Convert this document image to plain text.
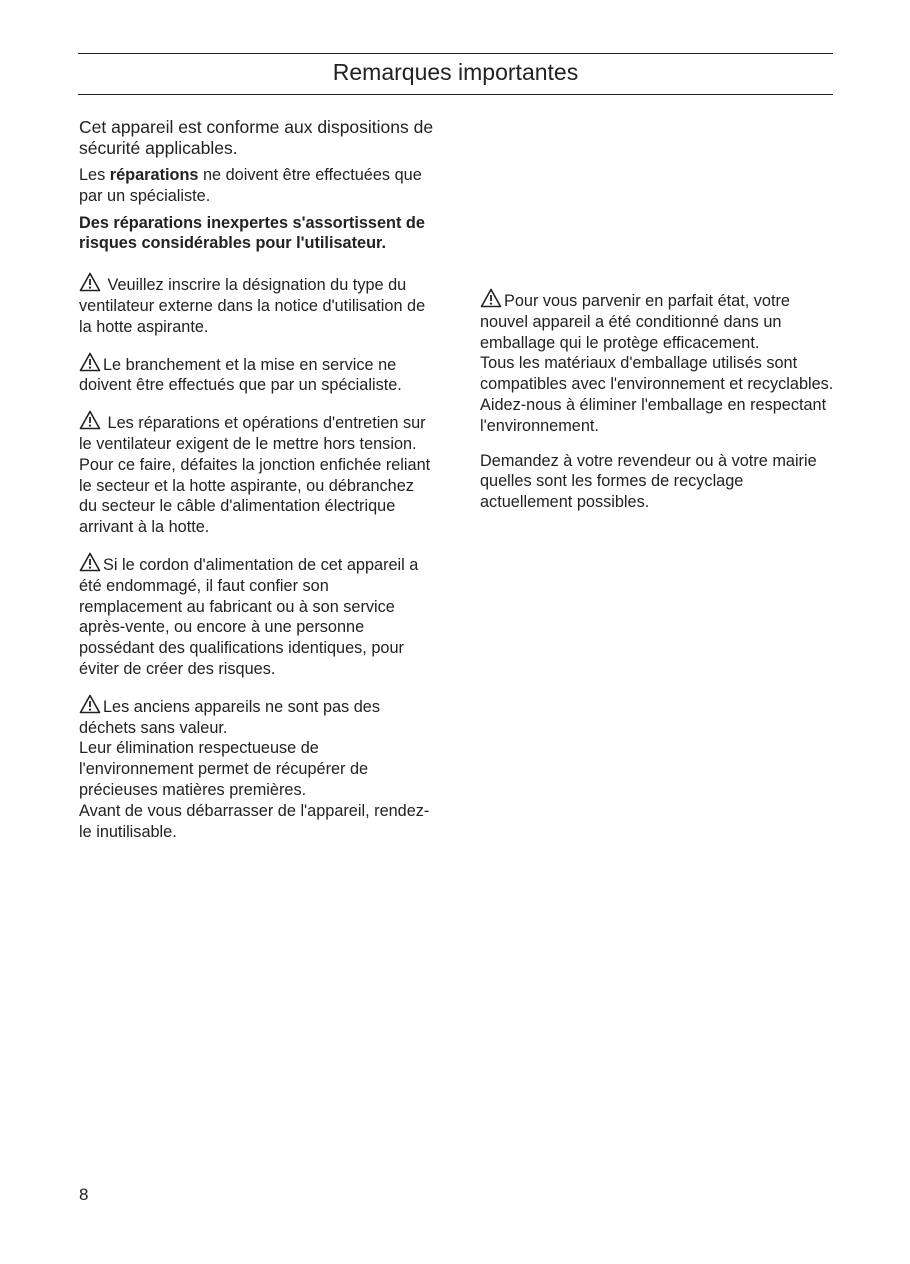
Remarques importantes

Cet appareil est conforme aux dispositions de sécurité applicables.

Les réparations ne doivent être effectuées que par un spécialiste.

Des réparations inexpertes s'assortissent de risques considérables pour l'utilisateur.

Veuillez inscrire la désignation du type du ventilateur externe dans la notice d'utilisation de la hotte aspirante.

Le branchement et la mise en service ne doivent être effectués que par un spécialiste.

Les réparations et opérations d'entretien sur le ventilateur exigent de le mettre hors tension.
Pour ce faire, défaites la jonction enfichée reliant le secteur et la hotte aspirante, ou débranchez du secteur le câble d'alimentation électrique arrivant à la hotte.

Si le cordon d'alimentation de cet appareil a été endommagé, il faut confier son remplacement au fabricant ou à son service après-vente, ou encore à une personne possédant des qualifications identiques, pour éviter de créer des risques.

Les anciens appareils ne sont pas des déchets sans valeur.
Leur élimination respectueuse de l'environnement permet de récupérer de précieuses matières premières.
Avant de vous débarrasser de l'appareil, rendez-le inutilisable.

Pour vous parvenir en parfait état, votre nouvel appareil a été conditionné dans un emballage qui le protège efficacement.
Tous les matériaux d'emballage utilisés sont compatibles avec l'environnement et recyclables. Aidez-nous à éliminer l'emballage en respectant l'environnement.

Demandez à votre revendeur ou à votre mairie quelles sont les formes de recyclage actuellement possibles.

8
